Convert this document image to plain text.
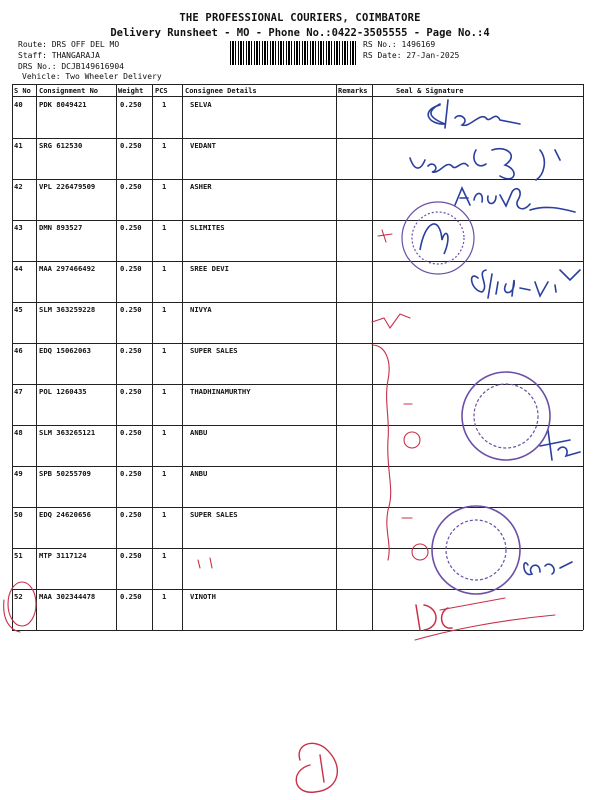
THE PROFESSIONAL COURIERS, COIMBATORE
Delivery Runsheet - MO - Phone No.:0422-3505555 - Page No.:4
Route: DRS OFF DEL MO
Staff: THANGARAJA
DRS No.: DCJB149616904
Vehicle: Two Wheeler Delivery
RS No.: 1496169
RS Date: 27-Jan-2025
S No Consignment No	Weight PCS Consignee Details	Remarks	Seal & Signature
40 PDK 8049421	0.250	1	SELVA
41 SRG 612530	0.250	1	VEDANT
42 VPL 226479509	0.250	1	ASHER
43 DMN 893527	0.250	1	SLIMITES
44 MAA 297466492	0.250	1	SREE DEVI
45 SLM 363259228	0.250	1	NIVYA
46 EDQ 15062063	0.250	1	SUPER SALES
47 POL 1260435	0.250	1	THADHINAMURTHY
48 SLM 363265121	0.250	1	ANBU
49 SPB 50255709	0.250	1	ANBU
50 EDQ 24620656	0.250	1	SUPER SALES
51 MTP 3117124	0.250	1
52 MAA 302344478	0.250	1	VINOTH
